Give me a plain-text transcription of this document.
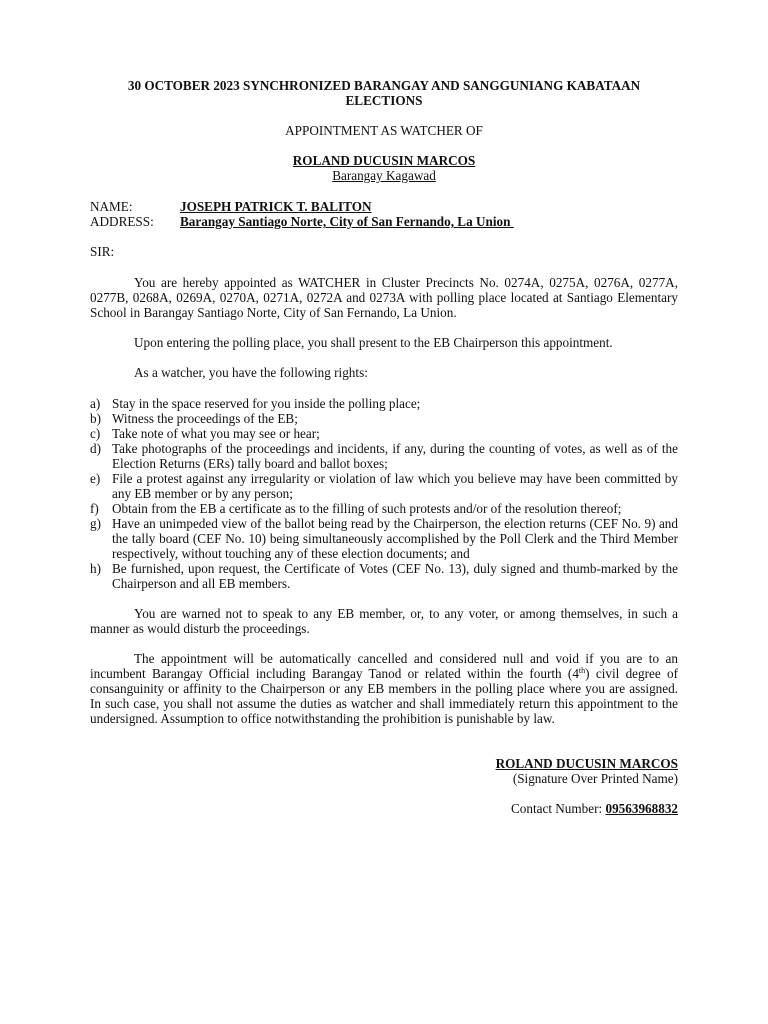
30 OCTOBER 2023 SYNCHRONIZED BARANGAY AND SANGGUNIANG KABATAAN ELECTIONS

APPOINTMENT AS WATCHER OF

ROLAND DUCUSIN MARCOS

Barangay Kagawad

NAME:	JOSEPH PATRICK T. BALITON
ADDRESS:	Barangay Santiago Norte, City of San Fernando, La Union

SIR:

You are hereby appointed as WATCHER in Cluster Precincts No. 0274A, 0275A, 0276A, 0277A, 0277B, 0268A, 0269A, 0270A, 0271A, 0272A and 0273A with polling place located at Santiago Elementary School in Barangay Santiago Norte, City of San Fernando, La Union.

Upon entering the polling place, you shall present to the EB Chairperson this appointment.

As a watcher, you have the following rights:

a) Stay in the space reserved for you inside the polling place;
b) Witness the proceedings of the EB;
c) Take note of what you may see or hear;
d) Take photographs of the proceedings and incidents, if any, during the counting of votes, as well as of the Election Returns (ERs) tally board and ballot boxes;
e) File a protest against any irregularity or violation of law which you believe may have been committed by any EB member or by any person;
f)	Obtain from the EB a certificate as to the filling of such protests and/or of the resolution thereof;
g) Have an unimpeded view of the ballot being read by the Chairperson, the election returns (CEF No. 9) and the tally board (CEF No. 10) being simultaneously accomplished by the Poll Clerk and the Third Member respectively, without touching any of these election documents; and
h) Be furnished, upon request, the Certificate of Votes (CEF No. 13), duly signed and thumb-marked by the Chairperson and all EB members.

You are warned not to speak to any EB member, or, to any voter, or among themselves, in such a manner as would disturb the proceedings.

The appointment will be automatically cancelled and considered null and void if you are to an incumbent Barangay Official including Barangay Tanod or related within the fourth (4th) civil degree of consanguinity or affinity to the Chairperson or any EB members in the polling place where you are assigned. In such case, you shall not assume the duties as watcher and shall immediately return this appointment to the undersigned. Assumption to office notwithstanding the prohibition is punishable by law.

ROLAND DUCUSIN MARCOS

(Signature Over Printed Name)

Contact Number: 09563968832
